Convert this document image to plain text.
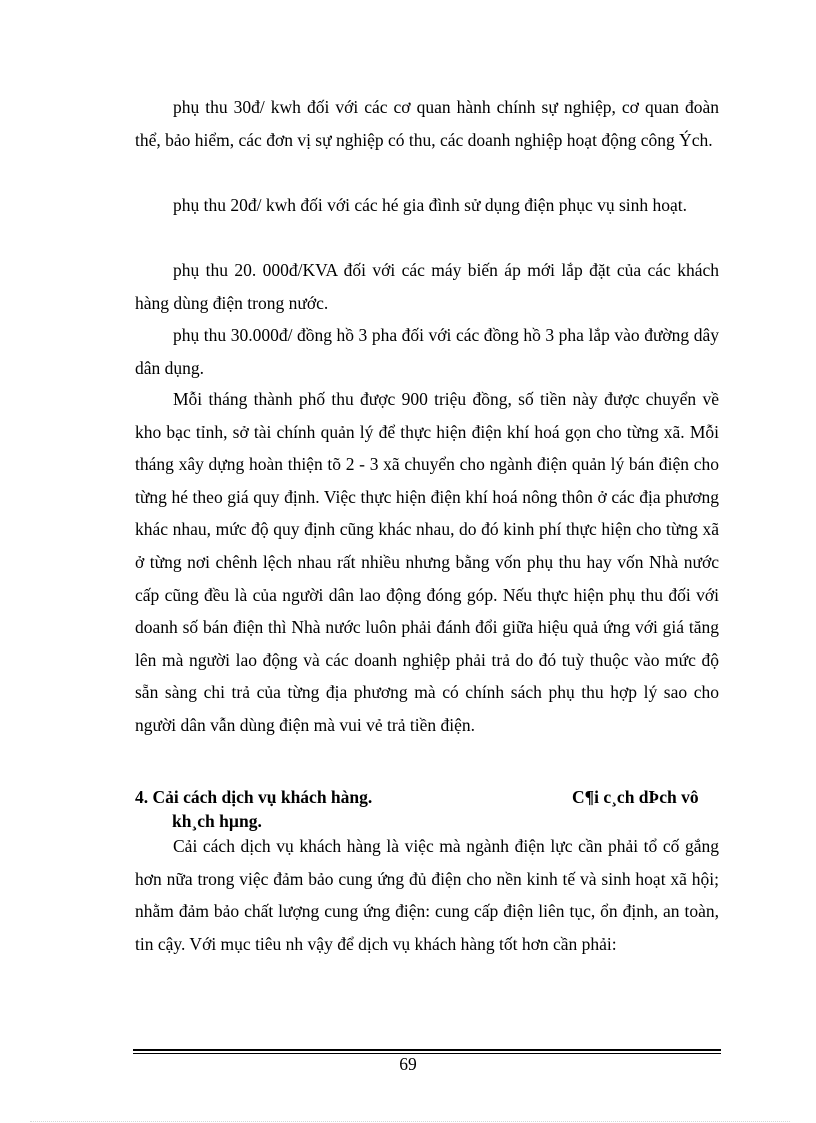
phụ thu 30đ/ kwh đối với các cơ quan hành chính sự nghiệp, cơ quan đoàn thể, bảo hiểm, các đơn vị sự nghiệp có thu, các doanh nghiệp hoạt động công Ých.

phụ thu 20đ/ kwh đối với các hé gia đình sử dụng điện phục vụ sinh hoạt.

phụ thu 20. 000đ/KVA đối với các máy biến áp mới lắp đặt của các khách hàng dùng điện trong nước.

phụ thu 30.000đ/ đồng hồ 3 pha đối với các đồng hồ 3 pha lắp vào đường dây dân dụng.

Mỗi tháng thành phố thu được 900 triệu đồng, số tiền này được chuyển về kho bạc tỉnh, sở tài chính quản lý để thực hiện điện khí hoá gọn cho từng xã. Mỗi tháng xây dựng hoàn thiện tõ 2 - 3 xã chuyển cho ngành điện quản lý bán điện cho từng hé theo giá quy định. Việc thực hiện điện khí hoá nông thôn ở các địa phương khác nhau, mức độ quy định cũng khác nhau, do đó kinh phí thực hiện cho từng xã ở từng nơi chênh lệch nhau rất nhiều nhưng bằng vốn phụ thu hay vốn Nhà nước cấp cũng đều là của người dân lao động đóng góp. Nếu thực hiện phụ thu đối với doanh số bán điện thì Nhà nước luôn phải đánh đổi giữa hiệu quả ứng với giá tăng lên mà người lao động và các doanh nghiệp phải trả do đó tuỳ thuộc vào mức độ sẵn sàng chi trả của từng địa phương mà có chính sách phụ thu hợp lý sao cho người dân vẫn dùng điện mà vui vẻ trả tiền điện.

4. Cải cách dịch vụ khách hàng.	C¶i c¸ch dÞch vô
kh¸ch hµng.

Cải cách dịch vụ khách hàng là việc mà ngành điện lực cần phải tổ cố gắng hơn nữa trong việc đảm bảo cung ứng đủ điện cho nền kinh tế và sinh hoạt xã hội; nhằm đảm bảo chất lượng cung ứng điện: cung cấp điện liên tục, ổn định, an toàn, tin cậy. Với mục tiêu nh vậy để dịch vụ khách hàng tốt hơn cần phải:

69
